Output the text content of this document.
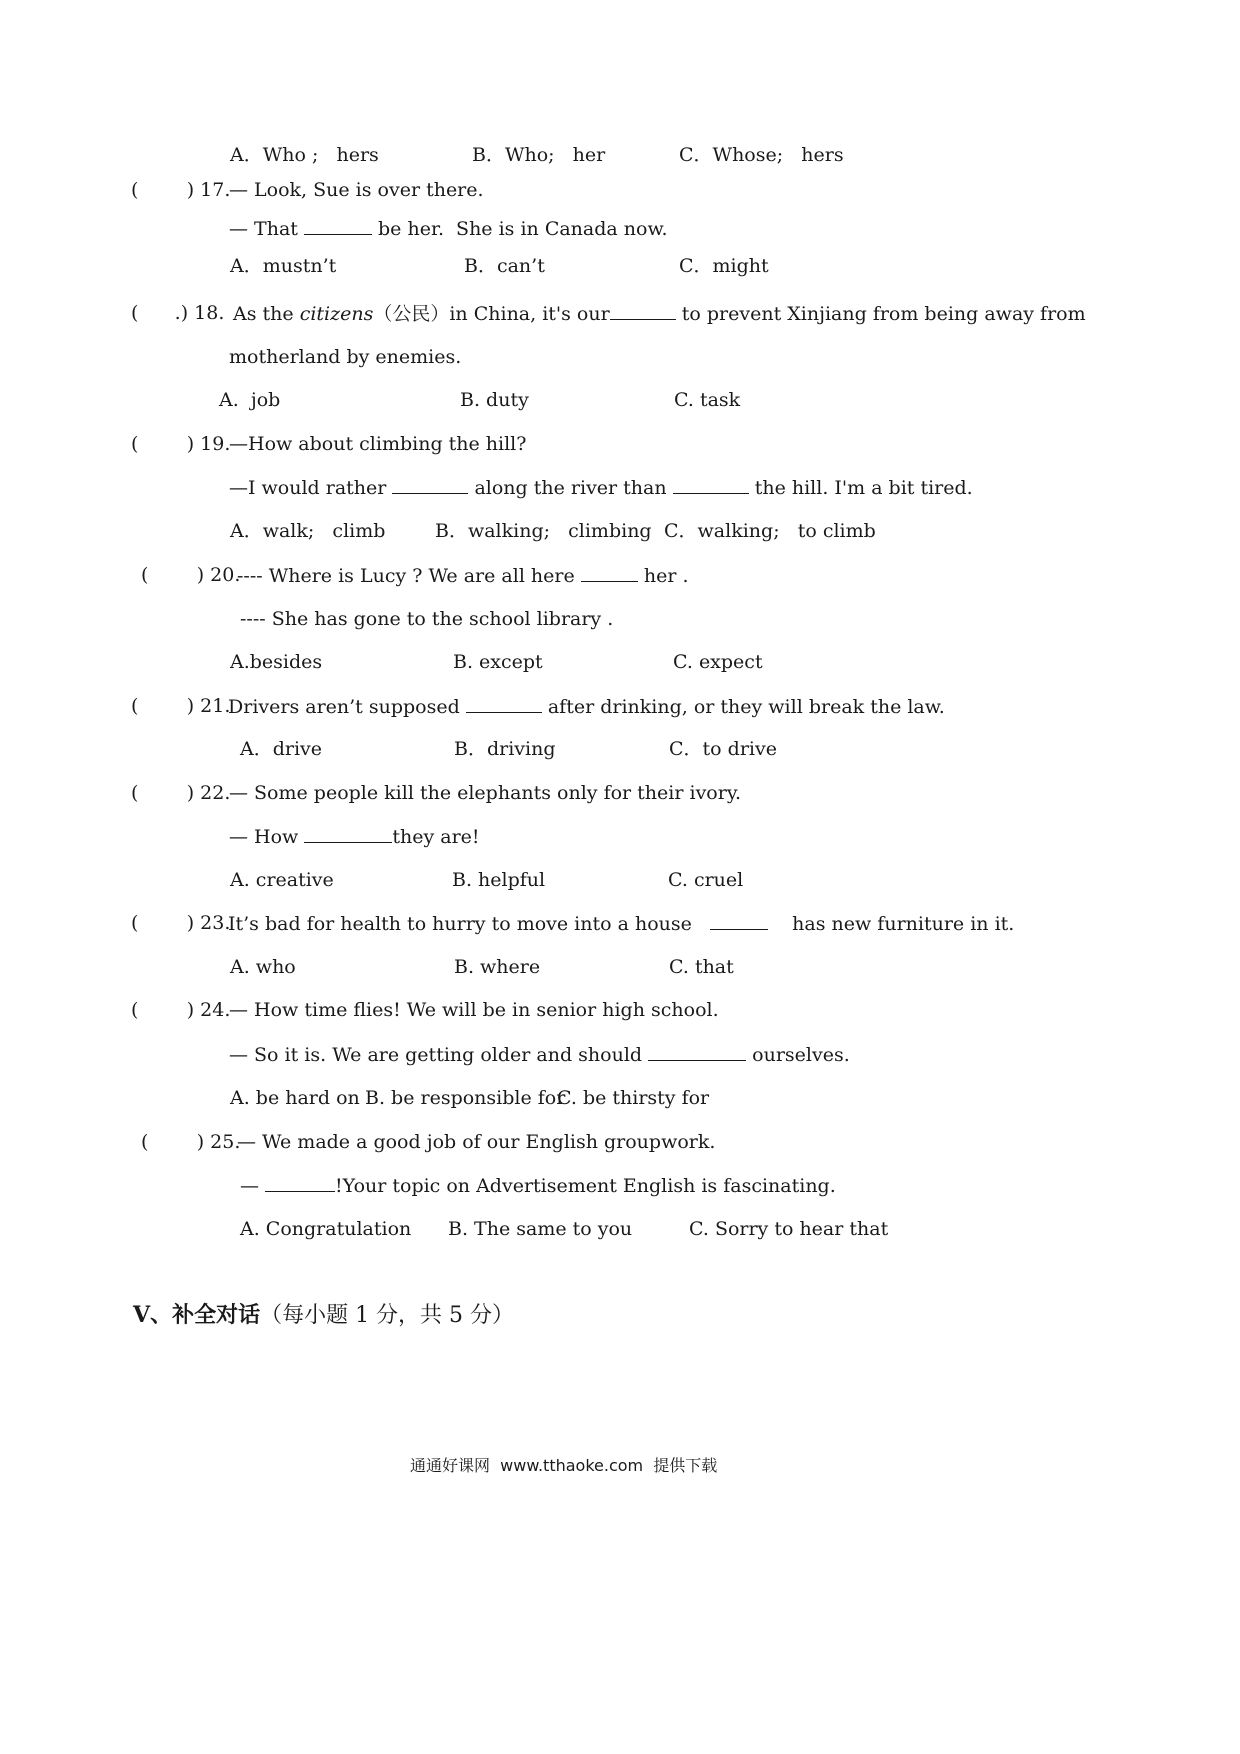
A．Who ;   hers	B．Who;   her	C．Whose;   hers
(        ) 17.
— Look, Sue is over there.
— That	be her.  She is in Canada now.
A．mustn’t	B．can’t	C．might
(      .) 18. As the citizens（公民）in China, it's our	to prevent Xinjiang from being away from
motherland by enemies.
A.  job	B. duty	C. task
(        ) 19.
—How about climbing the hill?
—I would rather	along the river than	the hill. I'm a bit tired.
A．walk;   climb	B．walking;   climbing C．walking;   to climb
(        ) 20.
---- Where is Lucy ? We are all here	her .
---- She has gone to the school library .
A.besides	B. except	C. expect
(        ) 21.
Drivers aren’t supposed	after drinking, or they will break the law.
A．drive	B．driving	C．to drive
(        ) 22.
— Some people kill the elephants only for their ivory.
— How	they are!
A. creative	B. helpful	C. cruel
(        ) 23.
It’s bad for health to hurry to move into a house	has new furniture in it.
A. who	B. where	C. that
(        ) 24.
— How time flies! We will be in senior high school.
— So it is. We are getting older and should	ourselves.
A. be hard on B. be responsible for
C. be thirsty for
(        ) 25.
— We made a good job of our English groupwork.
—	!Your topic on Advertisement English is fascinating.
A. Congratulation B. The same to you	C. Sorry to hear that
V、补全对话（每小题 1 分，共 5 分）
通通好课网  www.tthaoke.com  提供下载
